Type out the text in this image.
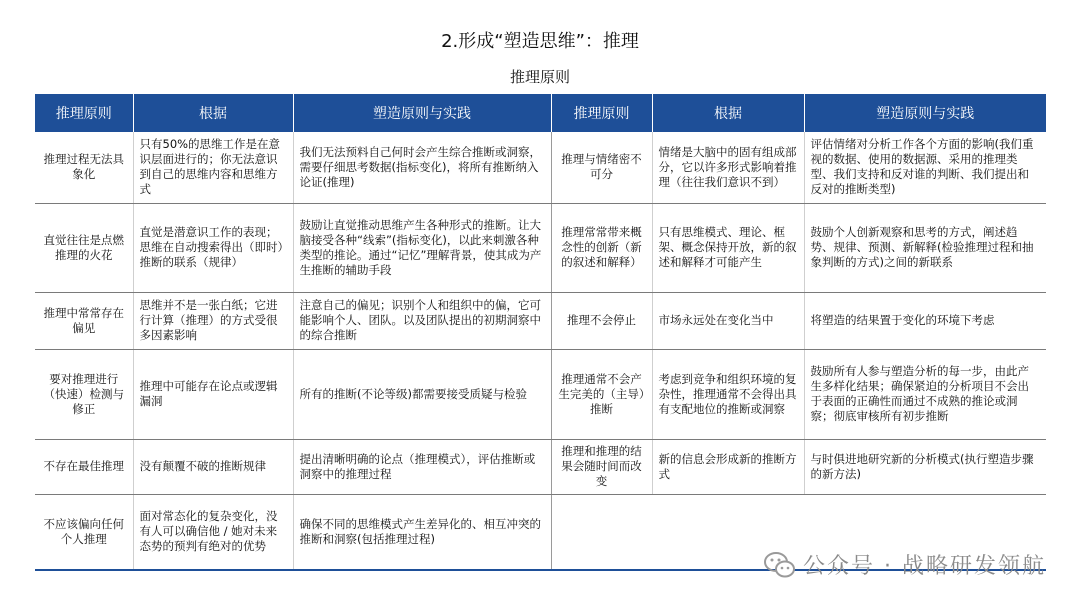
2.形成“塑造思维”：推理
推理原则
推理原则	根据	塑造原则与实践	推理原则	根据	塑造原则与实践
推理过程无法具象化	只有50%的思维工作是在意识层面进行的；你无法意识到自己的思维内容和思维方式	我们无法预料自己何时会产生综合推断或洞察，需要仔细思考数据(指标变化)，将所有推断纳入论证(推理)	推理与情绪密不可分	情绪是大脑中的固有组成部分，它以许多形式影响着推理（往往我们意识不到）	评估情绪对分析工作各个方面的影响(我们重视的数据、使用的数据源、采用的推理类型、我们支持和反对谁的判断、我们提出和反对的推断类型)
直觉往往是点燃推理的火花	直觉是潜意识工作的表现；思维在自动搜索得出（即时）推断的联系（规律）	鼓励让直觉推动思维产生各种形式的推断。让大脑接受各种“线索”(指标变化)，以此来刺激各种类型的推论。通过“记忆”理解背景，使其成为产生推断的辅助手段	推理常常带来概念性的创新（新的叙述和解释）	只有思维模式、理论、框架、概念保持开放，新的叙述和解释才可能产生	鼓励个人创新观察和思考的方式，阐述趋势、规律、预测、新解释(检验推理过程和抽象判断的方式)之间的新联系
推理中常常存在偏见	思维并不是一张白纸；它进行计算（推理）的方式受很多因素影响	注意自己的偏见；识别个人和组织中的偏，它可能影响个人、团队。以及团队提出的初期洞察中的综合推断	推理不会停止	市场永远处在变化当中	将塑造的结果置于变化的环境下考虑
要对推理进行（快速）检测与修正	推理中可能存在论点或逻辑漏洞	所有的推断(不论等级)都需要接受质疑与检验	推理通常不会产生完美的（主导）推断	考虑到竞争和组织环境的复杂性，推理通常不会得出具有支配地位的推断或洞察	鼓励所有人参与塑造分析的每一步，由此产生多样化结果；确保紧迫的分析项目不会出于表面的正确性而通过不成熟的推论或洞察；彻底审核所有初步推断
不存在最佳推理	没有颠覆不破的推断规律	提出清晰明确的论点（推理模式），评估推断或洞察中的推理过程	推理和推理的结果会随时间而改变	新的信息会形成新的推断方式	与时俱进地研究新的分析模式(执行塑造步骤的新方法)
不应该偏向任何个人推理	面对常态化的复杂变化，没有人可以确信他 / 她对未来态势的预判有绝对的优势	确保不同的思维模式产生差异化的、相互冲突的推断和洞察(包括推理过程)			
公众号 · 战略研发领航
